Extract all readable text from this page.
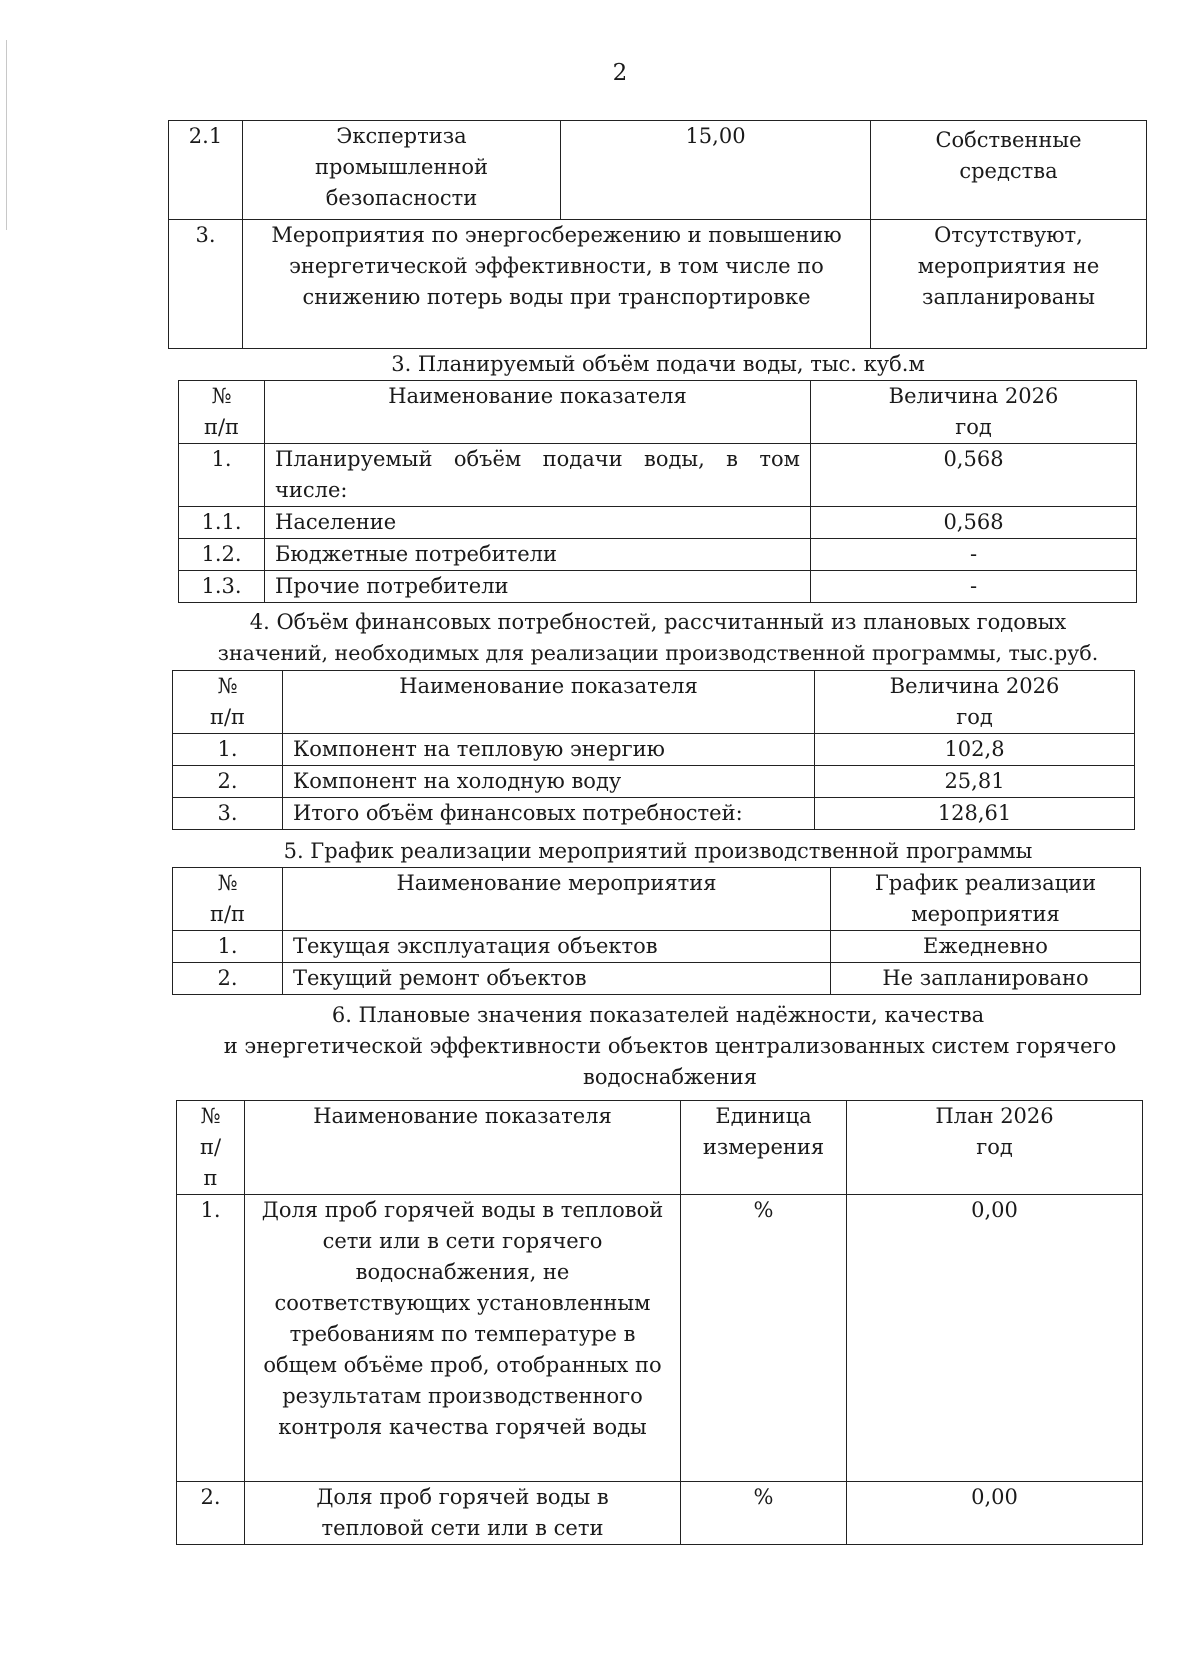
2
2.1	Экспертиза промышленной безопасности	15,00	Собственные средства
3.	Мероприятия по энергосбережению и повышению энергетической эффективности, в том числе по снижению потерь воды при транспортировке		Отсутствуют, мероприятия не запланированы
3. Планируемый объём подачи воды, тыс. куб.м
№ п/п	Наименование показателя	Величина 2026 год
1.	Планируемый объём подачи воды, в том числе:	0,568
1.1.	Население	0,568
1.2.	Бюджетные потребители	-
1.3.	Прочие потребители	-
4. Объём финансовых потребностей, рассчитанный из плановых годовых
значений, необходимых для реализации производственной программы, тыс.руб.
№ п/п	Наименование показателя	Величина 2026 год
1.	Компонент на тепловую энергию	102,8
2.	Компонент на холодную воду	25,81
3.	Итого объём финансовых потребностей:	128,61
5. График реализации мероприятий производственной программы
№ п/п	Наименование мероприятия	График реализации мероприятия
1.	Текущая эксплуатация объектов	Ежедневно
2.	Текущий ремонт объектов	Не запланировано
6. Плановые значения показателей надёжности, качества
и энергетической эффективности объектов централизованных систем горячего
водоснабжения
№ п/п	Наименование показателя	Единица измерения	План 2026 год
1.	Доля проб горячей воды в тепловой сети или в сети горячего водоснабжения, не соответствующих установленным требованиям по температуре в общем объёме проб, отобранных по результатам производственного контроля качества горячей воды	%	0,00
2.	Доля проб горячей воды в тепловой сети или в сети	%	0,00
